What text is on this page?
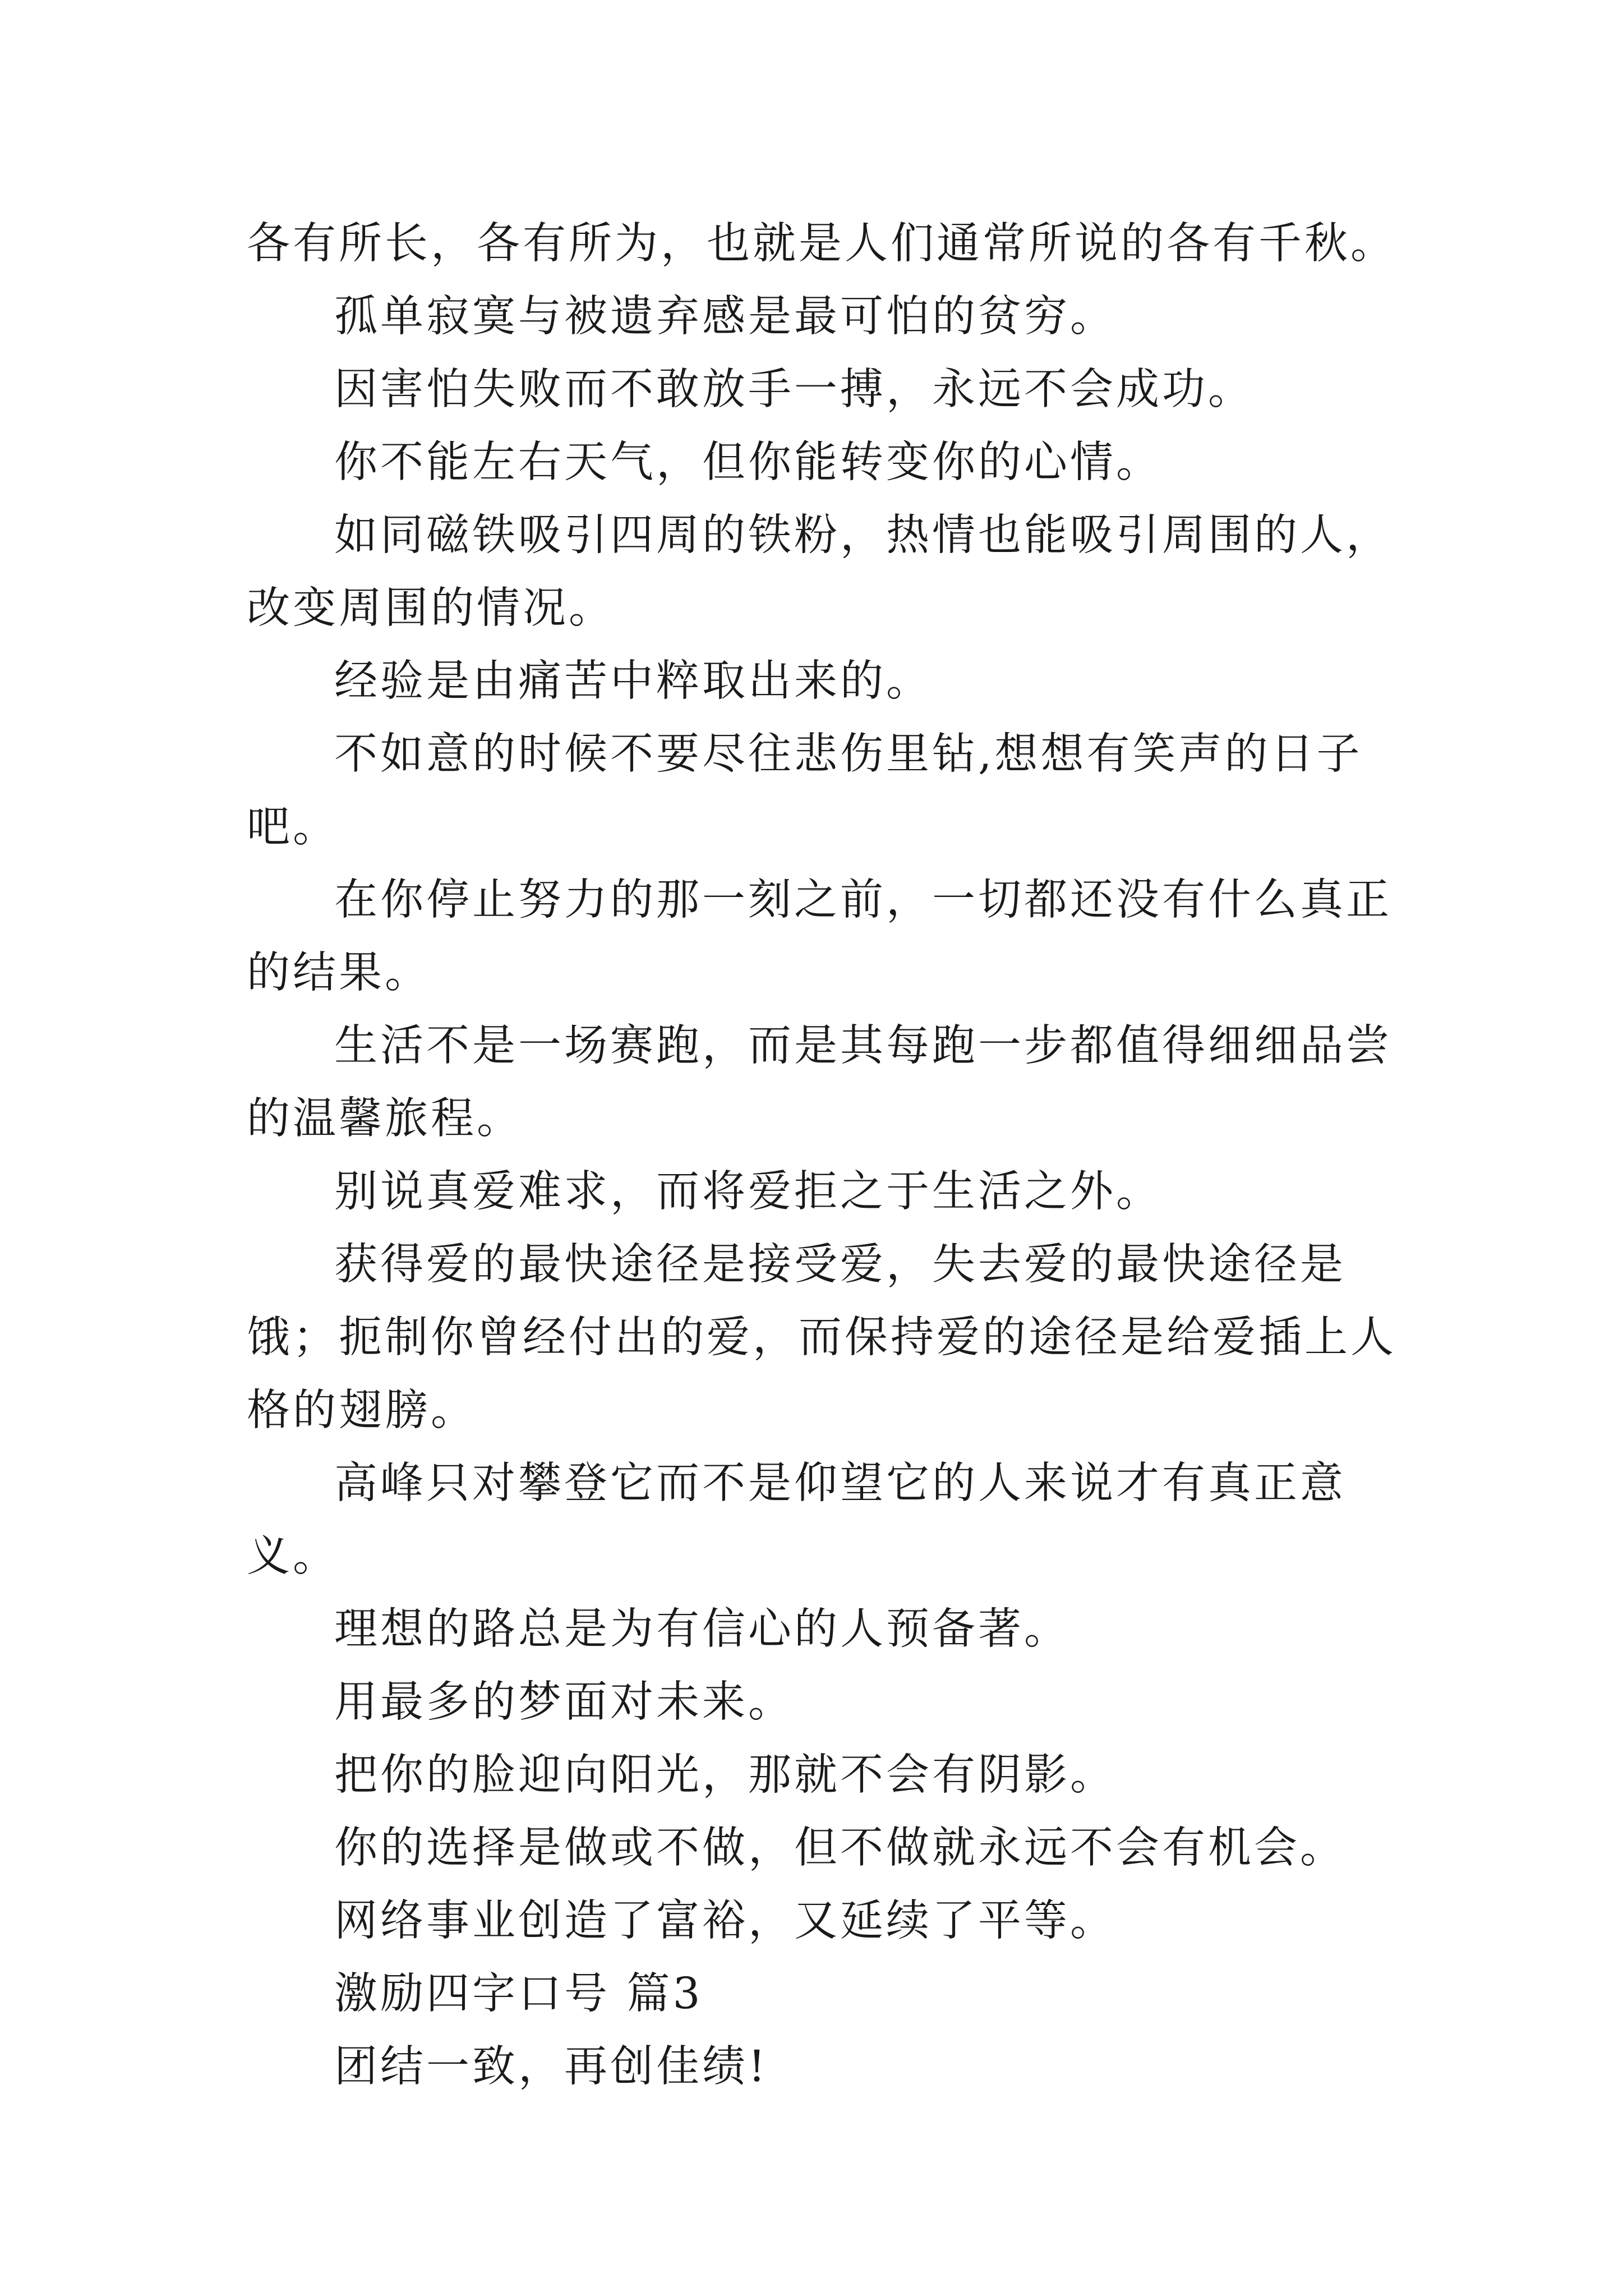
各有所长，各有所为，也就是人们通常所说的各有千秋。

孤单寂寞与被遗弃感是最可怕的贫穷。

因害怕失败而不敢放手一搏，永远不会成功。

你不能左右天气，但你能转变你的心情。

如同磁铁吸引四周的铁粉，热情也能吸引周围的人，改变周围的情况。

经验是由痛苦中粹取出来的。

不如意的时候不要尽往悲伤里钻,想想有笑声的日子吧。

在你停止努力的那一刻之前，一切都还没有什么真正的结果。

生活不是一场赛跑，而是其每跑一步都值得细细品尝的温馨旅程。

别说真爱难求，而将爱拒之于生活之外。

获得爱的最快途径是接受爱，失去爱的最快途径是饿；扼制你曾经付出的爱，而保持爱的途径是给爱插上人格的翅膀。

高峰只对攀登它而不是仰望它的人来说才有真正意义。

理想的路总是为有信心的人预备著。

用最多的梦面对未来。

把你的脸迎向阳光，那就不会有阴影。

你的选择是做或不做，但不做就永远不会有机会。

网络事业创造了富裕，又延续了平等。

激励四字口号 篇3

团结一致，再创佳绩!
